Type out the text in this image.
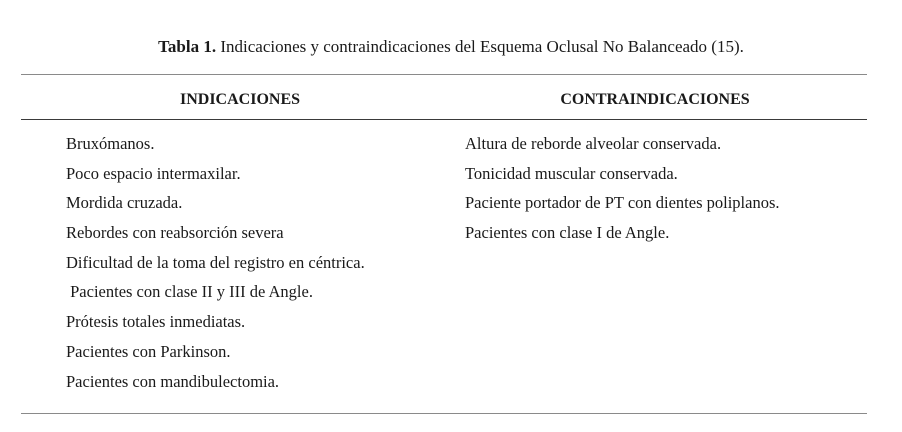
Tabla 1. Indicaciones y contraindicaciones del Esquema Oclusal No Balanceado (15).
INDICACIONES	CONTRAINDICACIONES
Bruxómanos.
Poco espacio intermaxilar.
Mordida cruzada.
Rebordes con reabsorción severa
Dificultad de la toma del registro en céntrica.
Pacientes con clase II y III de Angle.
Prótesis totales inmediatas.
Pacientes con Parkinson.
Pacientes con mandibulectomia.
Altura de reborde alveolar conservada.
Tonicidad muscular conservada.
Paciente portador de PT con dientes poliplanos.
Pacientes con clase I de Angle.
